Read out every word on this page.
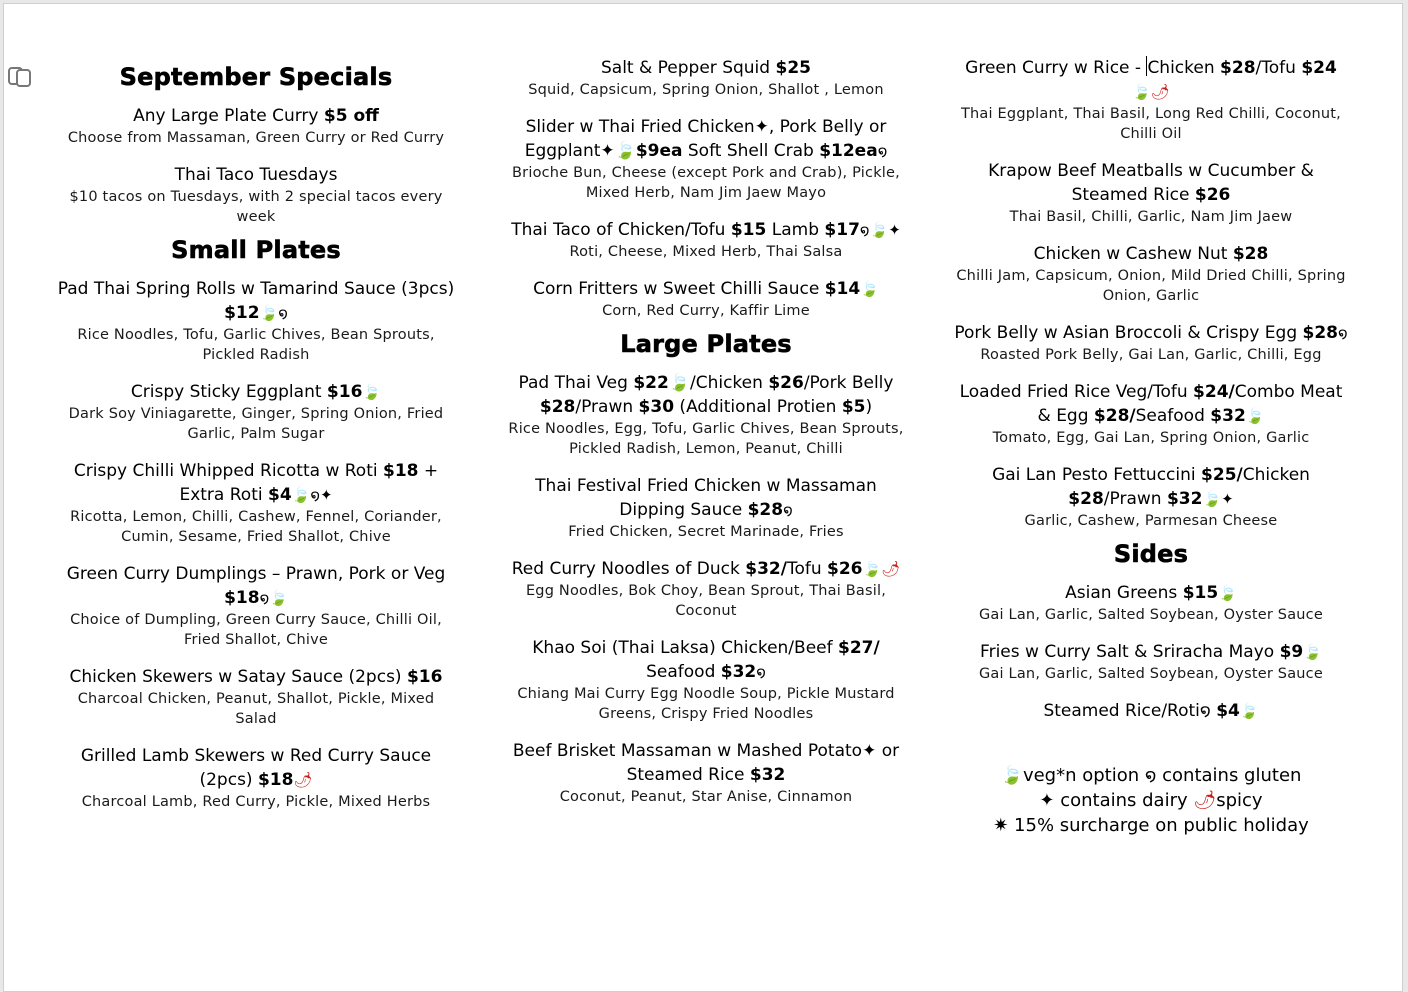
September Specials
Any Large Plate Curry $5 off
Choose from Massaman, Green Curry or Red Curry
Thai Taco Tuesdays
$10 tacos on Tuesdays, with 2 special tacos every week
Small Plates
Pad Thai Spring Rolls w Tamarind Sauce (3pcs) $12🍃໑
Rice Noodles, Tofu, Garlic Chives, Bean Sprouts, Pickled Radish
Crispy Sticky Eggplant $16🍃
Dark Soy Viniagarette, Ginger, Spring Onion, Fried Garlic, Palm Sugar
Crispy Chilli Whipped Ricotta w Roti $18 + Extra Roti $4🍃໑✦
Ricotta, Lemon, Chilli, Cashew, Fennel, Coriander, Cumin, Sesame, Fried Shallot, Chive
Green Curry Dumplings – Prawn, Pork or Veg $18໑🍃
Choice of Dumpling, Green Curry Sauce, Chilli Oil, Fried Shallot, Chive
Chicken Skewers w Satay Sauce (2pcs) $16
Charcoal Chicken, Peanut, Shallot, Pickle, Mixed Salad
Grilled Lamb Skewers w Red Curry Sauce (2pcs) $18🌶
Charcoal Lamb, Red Curry, Pickle, Mixed Herbs
Salt & Pepper Squid $25
Squid, Capsicum, Spring Onion, Shallot , Lemon
Slider w Thai Fried Chicken✦, Pork Belly or Eggplant✦🍃$9ea Soft Shell Crab $12ea໑
Brioche Bun, Cheese (except Pork and Crab), Pickle, Mixed Herb, Nam Jim Jaew Mayo
Thai Taco of Chicken/Tofu $15 Lamb $17໑🍃✦
Roti, Cheese, Mixed Herb, Thai Salsa
Corn Fritters w Sweet Chilli Sauce $14🍃
Corn, Red Curry, Kaffir Lime
Large Plates
Pad Thai Veg $22🍃/Chicken $26/Pork Belly $28/Prawn $30 (Additional Protien $5)
Rice Noodles, Egg, Tofu, Garlic Chives, Bean Sprouts, Pickled Radish, Lemon, Peanut, Chilli
Thai Festival Fried Chicken w Massaman Dipping Sauce $28໑
Fried Chicken, Secret Marinade, Fries
Red Curry Noodles of Duck $32/Tofu $26🍃🌶
Egg Noodles, Bok Choy, Bean Sprout, Thai Basil, Coconut
Khao Soi (Thai Laksa) Chicken/Beef $27/ Seafood $32໑
Chiang Mai Curry Egg Noodle Soup, Pickle Mustard Greens, Crispy Fried Noodles
Beef Brisket Massaman w Mashed Potato✦ or Steamed Rice $32
Coconut, Peanut, Star Anise, Cinnamon
Green Curry w Rice - Chicken $28/Tofu $24🍃🌶
Thai Eggplant, Thai Basil, Long Red Chilli, Coconut, Chilli Oil
Krapow Beef Meatballs w Cucumber & Steamed Rice $26
Thai Basil, Chilli, Garlic, Nam Jim Jaew
Chicken w Cashew Nut $28
Chilli Jam, Capsicum, Onion, Mild Dried Chilli, Spring Onion, Garlic
Pork Belly w Asian Broccoli & Crispy Egg $28໑
Roasted Pork Belly, Gai Lan, Garlic, Chilli, Egg
Loaded Fried Rice Veg/Tofu $24/Combo Meat & Egg $28/Seafood $32🍃
Tomato, Egg, Gai Lan, Spring Onion, Garlic
Gai Lan Pesto Fettuccini $25/Chicken $28/Prawn $32🍃✦
Garlic, Cashew, Parmesan Cheese
Sides
Asian Greens $15🍃
Gai Lan, Garlic, Salted Soybean, Oyster Sauce
Fries w Curry Salt & Sriracha Mayo $9🍃
Gai Lan, Garlic, Salted Soybean, Oyster Sauce
Steamed Rice/Roti໑ $4🍃
🍃veg*n option ໑ contains gluten
✦ contains dairy 🌶spicy
✷ 15% surcharge on public holiday
